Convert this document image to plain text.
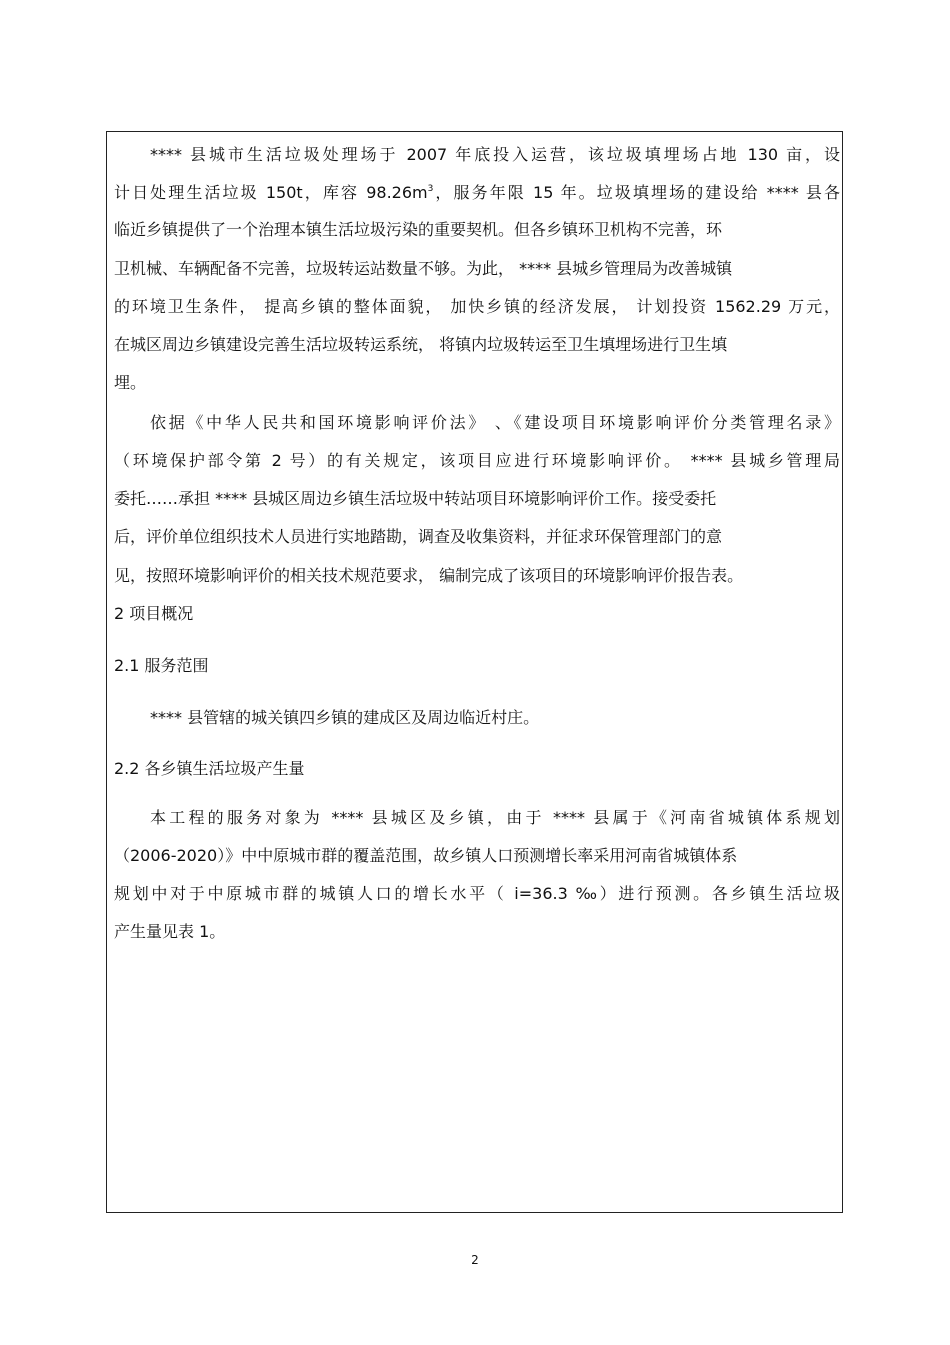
**** 县城市生活垃圾处理场于 2007 年底投入运营，该垃圾填埋场占地 130 亩，设
计日处理生活垃圾 150t，库容 $98.26m^3$，服务年限 15 年。垃圾填埋场的建设给 **** 县各
临近乡镇提供了一个治理本镇生活垃圾污染的重要契机。但各乡镇环卫机构不完善，环
卫机械、车辆配备不完善，垃圾转运站数量不够。为此， **** 县城乡管理局为改善城镇
的环境卫生条件， 提高乡镇的整体面貌， 加快乡镇的经济发展， 计划投资 1562.29 万元，
在城区周边乡镇建设完善生活垃圾转运系统， 将镇内垃圾转运至卫生填埋场进行卫生填
埋。
依据《中华人民共和国环境影响评价法》 、《建设项目环境影响评价分类管理名录》
（环境保护部令第 2 号）的有关规定，该项目应进行环境影响评价。 **** 县城乡管理局
委托……承担 **** 县城区周边乡镇生活垃圾中转站项目环境影响评价工作。接受委托
后，评价单位组织技术人员进行实地踏勘，调查及收集资料，并征求环保管理部门的意
见，按照环境影响评价的相关技术规范要求， 编制完成了该项目的环境影响评价报告表。
2 项目概况
2.1 服务范围
**** 县管辖的城关镇四乡镇的建成区及周边临近村庄。
2.2 各乡镇生活垃圾产生量
本工程的服务对象为 **** 县城区及乡镇，由于 **** 县属于《河南省城镇体系规划
（2006-2020）》中中原城市群的覆盖范围，故乡镇人口预测增长率采用河南省城镇体系
规划中对于中原城市群的城镇人口的增长水平（ i=36.3 ‰）进行预测。各乡镇生活垃圾
产生量见表 1。
2
